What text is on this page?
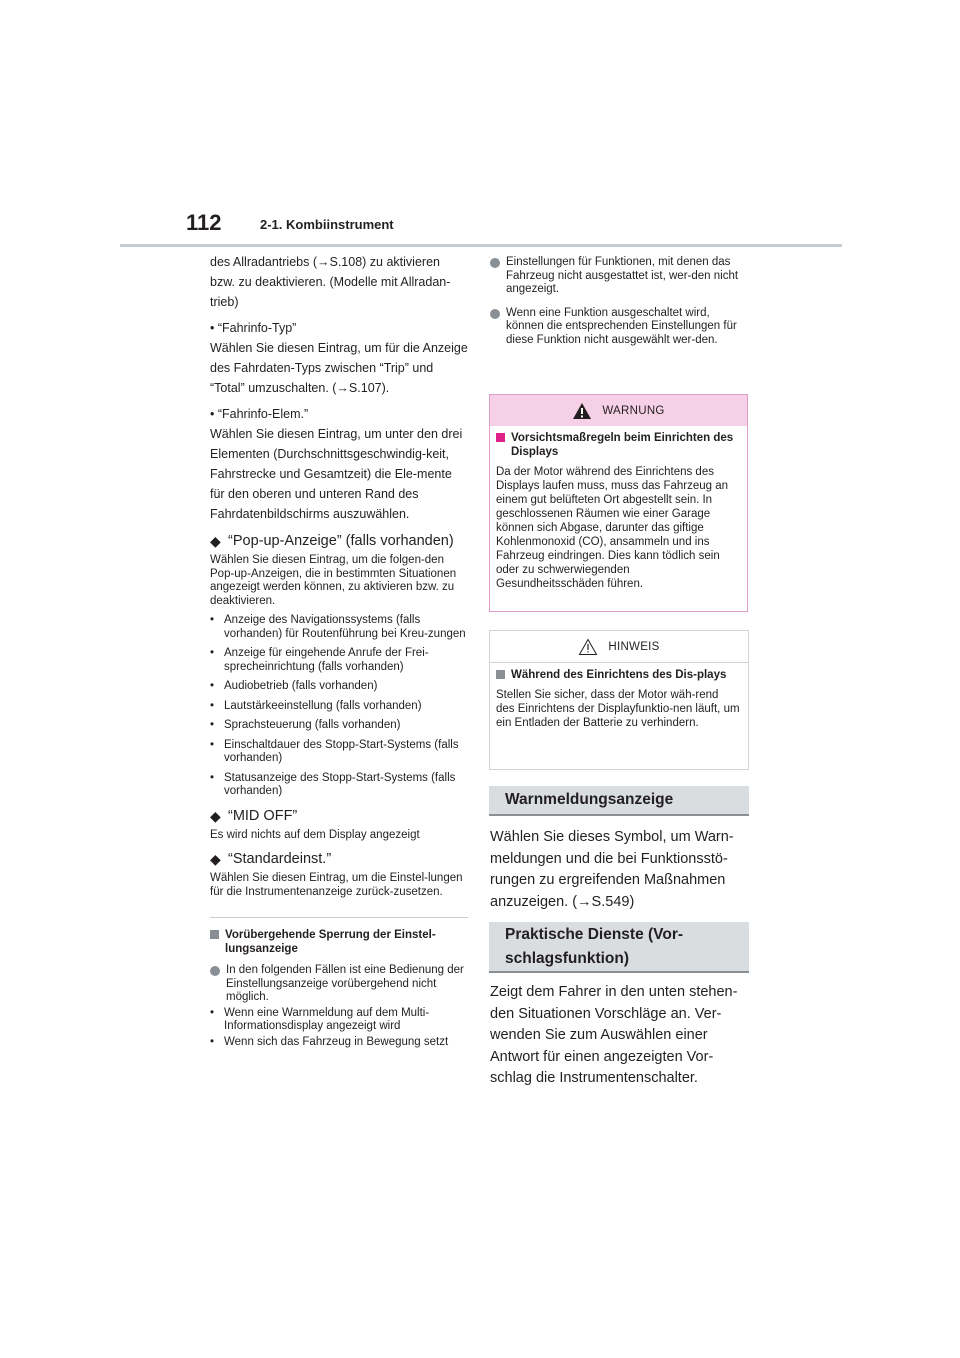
112	2-1. Kombiinstrument

des Allradantriebs (→S.108) zu aktivieren bzw. zu deaktivieren. (Modelle mit Allradan-trieb)

• “Fahrinfo-Typ”

Wählen Sie diesen Eintrag, um für die Anzeige des Fahrdaten-Typs zwischen “Trip” und “Total” umzuschalten. (→S.107).

• “Fahrinfo-Elem.”

Wählen Sie diesen Eintrag, um unter den drei Elementen (Durchschnittsgeschwindig-keit, Fahrstrecke und Gesamtzeit) die Ele-mente für den oberen und unteren Rand des Fahrdatenbildschirms auszuwählen.

◆ “Pop-up-Anzeige” (falls vorhanden)

Wählen Sie diesen Eintrag, um die folgen-den Pop-up-Anzeigen, die in bestimmten Situationen angezeigt werden können, zu aktivieren bzw. zu deaktivieren.

• Anzeige des Navigationssystems (falls vorhanden) für Routenführung bei Kreu-zungen
• Anzeige für eingehende Anrufe der Frei-sprecheinrichtung (falls vorhanden)
• Audiobetrieb (falls vorhanden)
• Lautstärkeeinstellung (falls vorhanden)
• Sprachsteuerung (falls vorhanden)
• Einschaltdauer des Stopp-Start-Systems (falls vorhanden)
• Statusanzeige des Stopp-Start-Systems (falls vorhanden)
◆ “MID OFF”

Es wird nichts auf dem Display angezeigt

◆ “Standardeinst.”

Wählen Sie diesen Eintrag, um die Einstel-lungen für die Instrumentenanzeige zurück-zusetzen.

Vorübergehende Sperrung der Einstel-lungsanzeige
In den folgenden Fällen ist eine Bedienung der Einstellungsanzeige vorübergehend nicht möglich.
• Wenn eine Warnmeldung auf dem Multi-Informationsdisplay angezeigt wird
• Wenn sich das Fahrzeug in Bewegung setzt
Einstellungen für Funktionen, mit denen das Fahrzeug nicht ausgestattet ist, wer-den nicht angezeigt.
Wenn eine Funktion ausgeschaltet wird, können die entsprechenden Einstellungen für diese Funktion nicht ausgewählt wer-den.
WARNUNG
Vorsichtsmaßregeln beim Einrichten des Displays

Da der Motor während des Einrichtens des Displays laufen muss, muss das Fahrzeug an einem gut belüfteten Ort abgestellt sein. In geschlossenen Räumen wie einer Garage können sich Abgase, darunter das giftige Kohlenmonoxid (CO), ansammeln und ins Fahrzeug eindringen. Dies kann tödlich sein oder zu schwerwiegenden Gesundheitsschäden führen.

HINWEIS
Während des Einrichtens des Dis-plays

Stellen Sie sicher, dass der Motor wäh-rend des Einrichtens der Displayfunktio-nen läuft, um ein Entladen der Batterie zu verhindern.

Warnmeldungsanzeige

Wählen Sie dieses Symbol, um Warn-meldungen und die bei Funktionsstö-rungen zu ergreifenden Maßnahmen anzuzeigen. (→S.549)

Praktische Dienste (Vor-schlagsfunktion)

Zeigt dem Fahrer in den unten stehen-den Situationen Vorschläge an. Ver-wenden Sie zum Auswählen einer Antwort für einen angezeigten Vor-schlag die Instrumentenschalter.
